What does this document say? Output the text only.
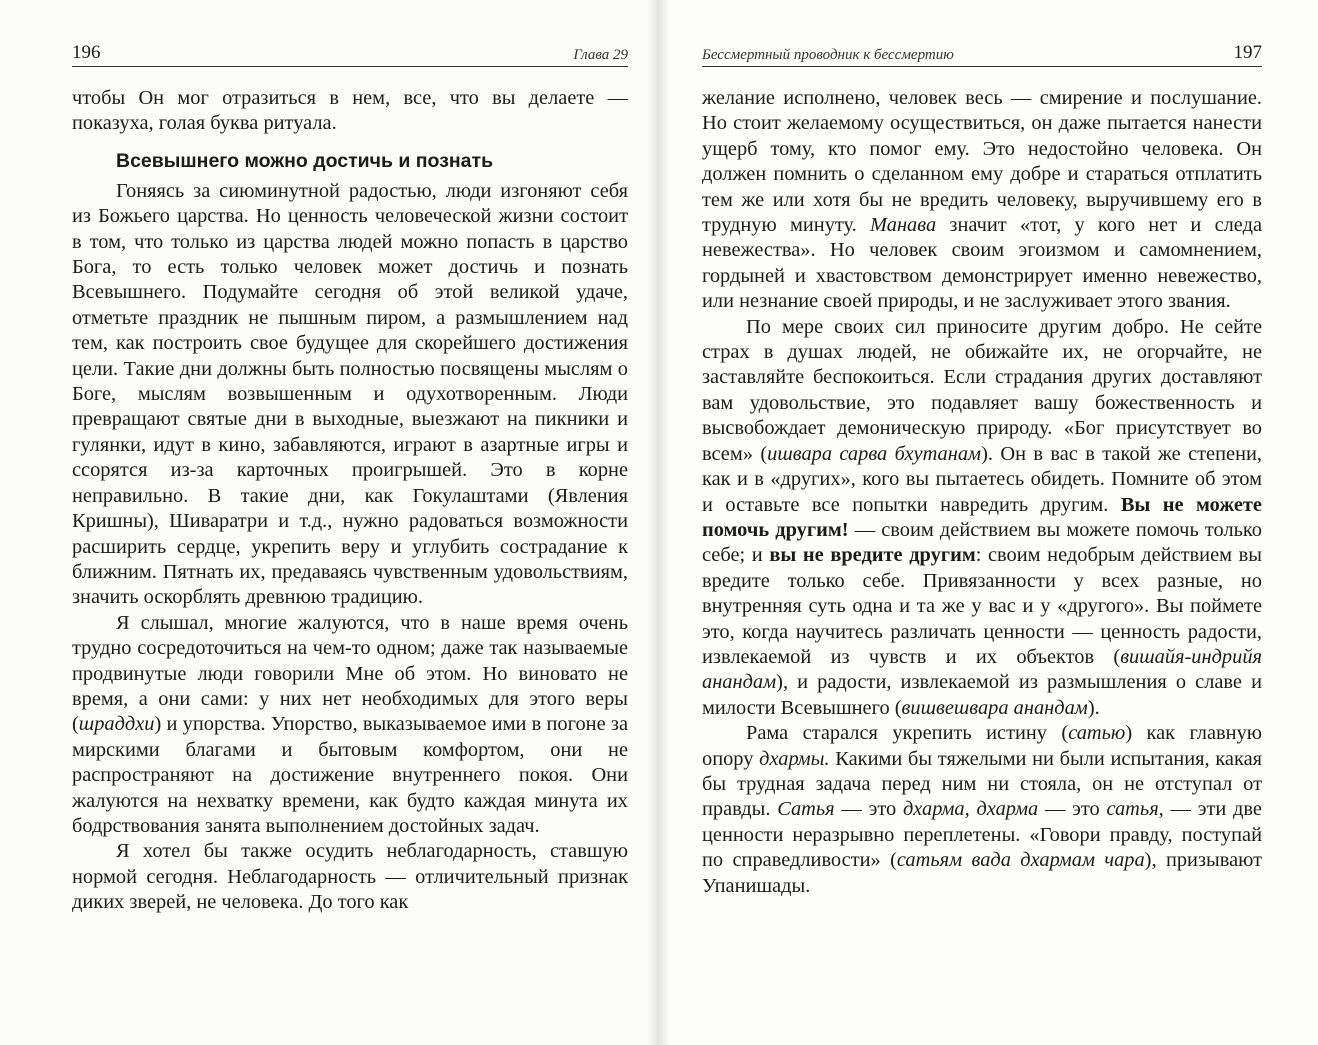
196	Глава 29

чтобы Он мог отразиться в нем, все, что вы делаете —
показуха, голая буква ритуала.

Всевышнего можно достичь и познать

Гоняясь за сиюминутной радостью, люди изгоняют себя из Божьего царства. Но ценность человеческой жизни состоит в том, что только из царства людей можно попасть в царство Бога, то есть только человек может достичь и познать Всевышнего. Подумайте сегодня об этой великой удаче, отметьте праздник не пышным пиром, а размышлением над тем, как построить свое будущее для скорейшего достижения цели. Такие дни должны быть полностью посвящены мыслям о Боге, мыслям возвышенным и одухотворенным. Люди превращают святые дни в выходные, выезжают на пикники и гулянки, идут в кино, забавляются, играют в азартные игры и ссорятся из-за карточных проигрышей. Это в корне неправильно. В такие дни, как Гокулаштами (Явления Кришны), Шиваратри и т.д., нужно радоваться возможности расширить сердце, укрепить веру и углубить сострадание к ближним. Пятнать их, предаваясь чувственным удовольствиям, значить оскорблять древнюю традицию.

Я слышал, многие жалуются, что в наше время очень трудно сосредоточиться на чем-то одном; даже так называемые продвинутые люди говорили Мне об этом. Но виновато не время, а они сами: у них нет необходимых для этого веры (шраддхи) и упорства. Упорство, выказываемое ими в погоне за мирскими благами и бытовым комфортом, они не распространяют на достижение внутреннего покоя. Они жалуются на нехватку времени, как будто каждая минута их бодрствования занята выполнением достойных задач.

Я хотел бы также осудить неблагодарность, ставшую нормой сегодня. Неблагодарность — отличительный признак диких зверей, не человека. До того как

Бессмертный проводник к бессмертию	197

желание исполнено, человек весь — смирение и послушание. Но стоит желаемому осуществиться, он даже пытается нанести ущерб тому, кто помог ему. Это недостойно человека. Он должен помнить о сделанном ему добре и стараться отплатить тем же или хотя бы не вредить человеку, выручившему его в трудную минуту. Манава значит «тот, у кого нет и следа невежества». Но человек своим эгоизмом и самомнением, гордыней и хвастовством демонстрирует именно невежество, или незнание своей природы, и не заслуживает этого звания.

По мере своих сил приносите другим добро. Не сейте страх в душах людей, не обижайте их, не огорчайте, не заставляйте беспокоиться. Если страдания других доставляют вам удовольствие, это подавляет вашу божественность и высвобождает демоническую природу. «Бог присутствует во всем» (ишвара сарва бхутанам). Он в вас в такой же степени, как и в «других», кого вы пытаетесь обидеть. Помните об этом и оставьте все попытки навредить другим. Вы не можете помочь другим! — своим действием вы можете помочь только себе; и вы не вредите другим: своим недобрым действием вы вредите только себе. Привязанности у всех разные, но внутренняя суть одна и та же у вас и у «другого». Вы поймете это, когда научитесь различать ценности — ценность радости, извлекаемой из чувств и их объектов (вишайя-индрийя анандам), и радости, извлекаемой из размышления о славе и милости Всевышнего (вишвешвара анандам).

Рама старался укрепить истину (сатью) как главную опору дхармы. Какими бы тяжелыми ни были испытания, какая бы трудная задача перед ним ни стояла, он не отступал от правды. Сатья — это дхарма, дхарма — это сатья, — эти две ценности неразрывно переплетены. «Говори правду, поступай по справедливости» (сатьям вада дхармам чара), призывают Упанишады.
